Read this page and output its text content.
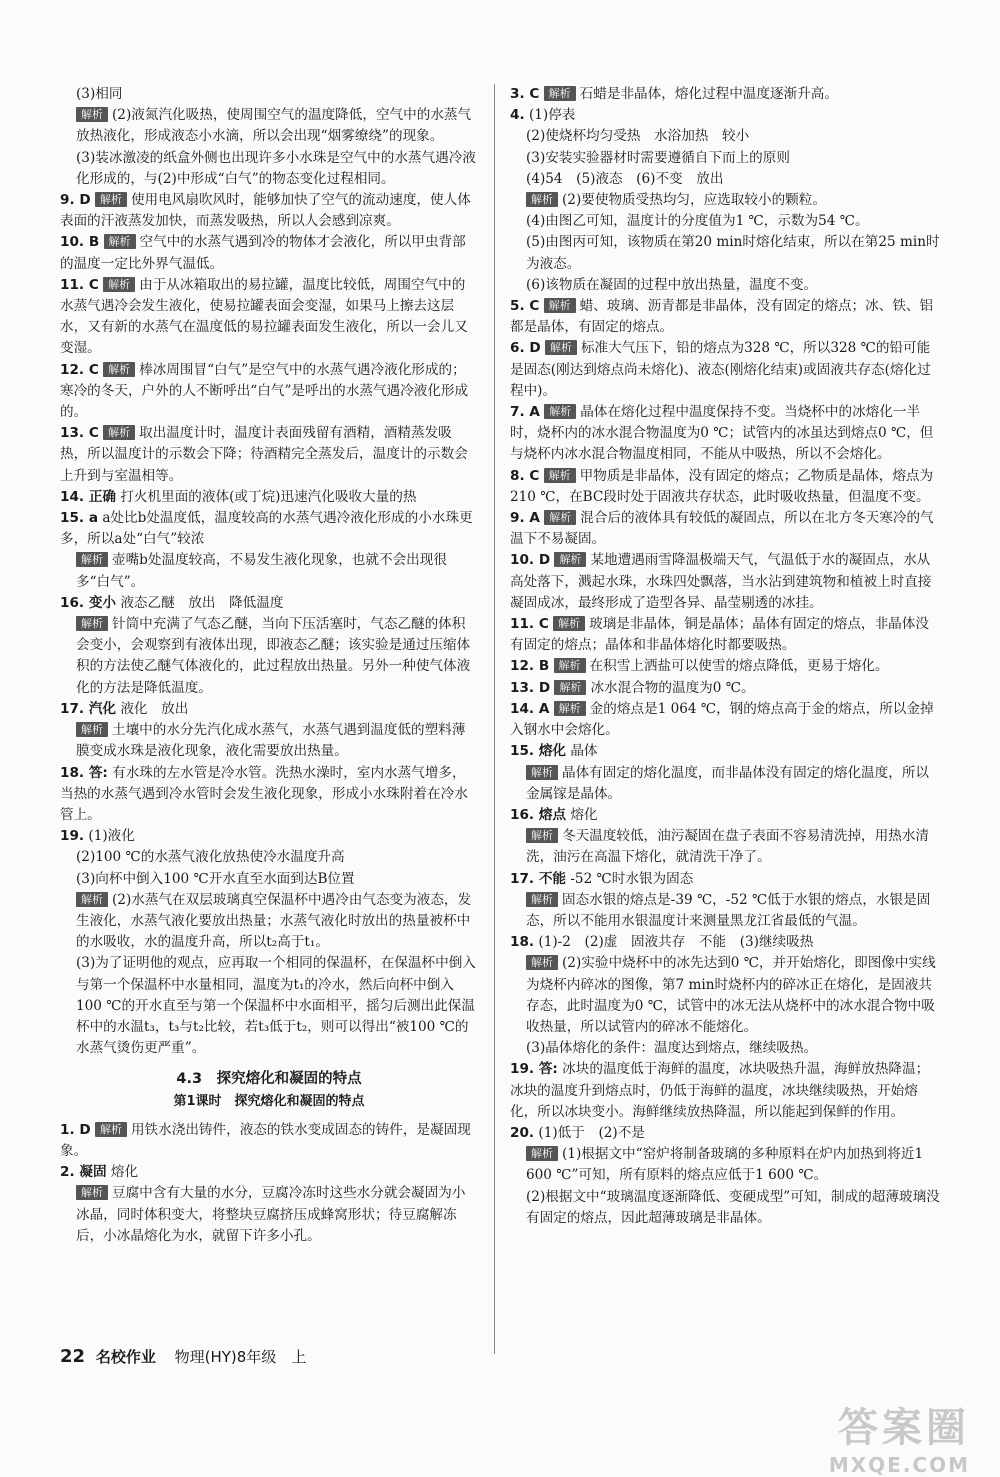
(3)相同

解析 (2)液氮汽化吸热，使周围空气的温度降低，空气中的水蒸气放热液化，形成液态小水滴，所以会出现“烟雾缭绕”的现象。

(3)装冰激凌的纸盒外侧也出现许多小水珠是空气中的水蒸气遇冷液化形成的，与(2)中形成“白气”的物态变化过程相同。

9. D 解析 使用电风扇吹风时，能够加快了空气的流动速度，使人体表面的汗液蒸发加快，而蒸发吸热，所以人会感到凉爽。

10. B 解析 空气中的水蒸气遇到冷的物体才会液化，所以甲虫背部的温度一定比外界气温低。

11. C 解析 由于从冰箱取出的易拉罐，温度比较低，周围空气中的水蒸气遇冷会发生液化，使易拉罐表面会变湿，如果马上擦去这层水，又有新的水蒸气在温度低的易拉罐表面发生液化，所以一会儿又变湿。

12. C 解析 棒冰周围冒“白气”是空气中的水蒸气遇冷液化形成的；寒冷的冬天，户外的人不断呼出“白气”是呼出的水蒸气遇冷液化形成的。

13. C 解析 取出温度计时，温度计表面残留有酒精，酒精蒸发吸热，所以温度计的示数会下降；待酒精完全蒸发后，温度计的示数会上升到与室温相等。

14. 正确 打火机里面的液体(或丁烷)迅速汽化吸收大量的热

15. a a处比b处温度低，温度较高的水蒸气遇冷液化形成的小水珠更多，所以a处“白气”较浓

解析 壶嘴b处温度较高，不易发生液化现象，也就不会出现很多“白气”。

16. 变小 液态乙醚　放出　降低温度

解析 针筒中充满了气态乙醚，当向下压活塞时，气态乙醚的体积会变小，会观察到有液体出现，即液态乙醚；该实验是通过压缩体积的方法使乙醚气体液化的，此过程放出热量。另外一种使气体液化的方法是降低温度。

17. 汽化 液化　放出

解析 土壤中的水分先汽化成水蒸气，水蒸气遇到温度低的塑料薄膜变成水珠是液化现象，液化需要放出热量。

18. 答: 有水珠的左水管是冷水管。洗热水澡时，室内水蒸气增多，当热的水蒸气遇到冷水管时会发生液化现象，形成小水珠附着在冷水管上。

19. (1)液化

(2)100 ℃的水蒸气液化放热使冷水温度升高

(3)向杯中倒入100 ℃开水直至水面到达B位置

解析 (2)水蒸气在双层玻璃真空保温杯中遇冷由气态变为液态，发生液化，水蒸气液化要放出热量；水蒸气液化时放出的热量被杯中的水吸收，水的温度升高，所以t₂高于t₁。

(3)为了证明他的观点，应再取一个相同的保温杯，在保温杯中倒入与第一个保温杯中水量相同，温度为t₁的冷水，然后向杯中倒入100 ℃的开水直至与第一个保温杯中水面相平，摇匀后测出此保温杯中的水温t₃，t₃与t₂比较，若t₃低于t₂，则可以得出“被100 ℃的水蒸气烫伤更严重”。

4.3　探究熔化和凝固的特点
第1课时　探究熔化和凝固的特点

1. D 解析 用铁水浇出铸件，液态的铁水变成固态的铸件，是凝固现象。

2. 凝固 熔化

解析 豆腐中含有大量的水分，豆腐冷冻时这些水分就会凝固为小冰晶，同时体积变大，将整块豆腐挤压成蜂窝形状；待豆腐解冻后，小冰晶熔化为水，就留下许多小孔。

3. C 解析 石蜡是非晶体，熔化过程中温度逐渐升高。

4. (1)停表

(2)使烧杯均匀受热　水浴加热　较小

(3)安装实验器材时需要遵循自下而上的原则

(4)54　(5)液态　(6)不变　放出

解析 (2)要使物质受热均匀，应选取较小的颗粒。

(4)由图乙可知，温度计的分度值为1 ℃，示数为54 ℃。

(5)由图丙可知，该物质在第20 min时熔化结束，所以在第25 min时为液态。

(6)该物质在凝固的过程中放出热量，温度不变。

5. C 解析 蜡、玻璃、沥青都是非晶体，没有固定的熔点；冰、铁、铝都是晶体，有固定的熔点。

6. D 解析 标准大气压下，铅的熔点为328 ℃，所以328 ℃的铅可能是固态(刚达到熔点尚未熔化)、液态(刚熔化结束)或固液共存态(熔化过程中)。

7. A 解析 晶体在熔化过程中温度保持不变。当烧杯中的冰熔化一半时，烧杯内的冰水混合物温度为0 ℃；试管内的冰虽达到熔点0 ℃，但与烧杯内冰水混合物温度相同，不能从中吸热，所以不会熔化。

8. C 解析 甲物质是非晶体，没有固定的熔点；乙物质是晶体，熔点为210 ℃，在BC段时处于固液共存状态，此时吸收热量，但温度不变。

9. A 解析 混合后的液体具有较低的凝固点，所以在北方冬天寒冷的气温下不易凝固。

10. D 解析 某地遭遇雨雪降温极端天气，气温低于水的凝固点，水从高处落下，溅起水珠，水珠四处飘落，当水沾到建筑物和植被上时直接凝固成冰，最终形成了造型各异、晶莹剔透的冰挂。

11. C 解析 玻璃是非晶体，铜是晶体；晶体有固定的熔点，非晶体没有固定的熔点；晶体和非晶体熔化时都要吸热。

12. B 解析 在积雪上洒盐可以使雪的熔点降低，更易于熔化。

13. D 解析 冰水混合物的温度为0 ℃。

14. A 解析 金的熔点是1 064 ℃，钢的熔点高于金的熔点，所以金掉入钢水中会熔化。

15. 熔化 晶体

解析 晶体有固定的熔化温度，而非晶体没有固定的熔化温度，所以金属镓是晶体。

16. 熔点 熔化

解析 冬天温度较低，油污凝固在盘子表面不容易清洗掉，用热水清洗，油污在高温下熔化，就清洗干净了。

17. 不能 -52 ℃时水银为固态

解析 固态水银的熔点是-39 ℃，-52 ℃低于水银的熔点，水银是固态，所以不能用水银温度计来测量黑龙江省最低的气温。

18. (1)-2　(2)虚　固液共存　不能　(3)继续吸热

解析 (2)实验中烧杯中的冰先达到0 ℃，并开始熔化，即图像中实线为烧杯内碎冰的图像，第7 min时烧杯内的碎冰正在熔化，是固液共存态，此时温度为0 ℃，试管中的冰无法从烧杯中的冰水混合物中吸收热量，所以试管内的碎冰不能熔化。

(3)晶体熔化的条件：温度达到熔点，继续吸热。

19. 答: 冰块的温度低于海鲜的温度，冰块吸热升温，海鲜放热降温；冰块的温度升到熔点时，仍低于海鲜的温度，冰块继续吸热，开始熔化，所以冰块变小。海鲜继续放热降温，所以能起到保鲜的作用。

20. (1)低于　(2)不是

解析 (1)根据文中“窑炉将制备玻璃的多种原料在炉内加热到将近1 600 ℃”可知，所有原料的熔点应低于1 600 ℃。

(2)根据文中“玻璃温度逐渐降低、变硬成型”可知，制成的超薄玻璃没有固定的熔点，因此超薄玻璃是非晶体。

22 名校作业 物理(HY)8年级　上
答案圈
MXQE.COM
